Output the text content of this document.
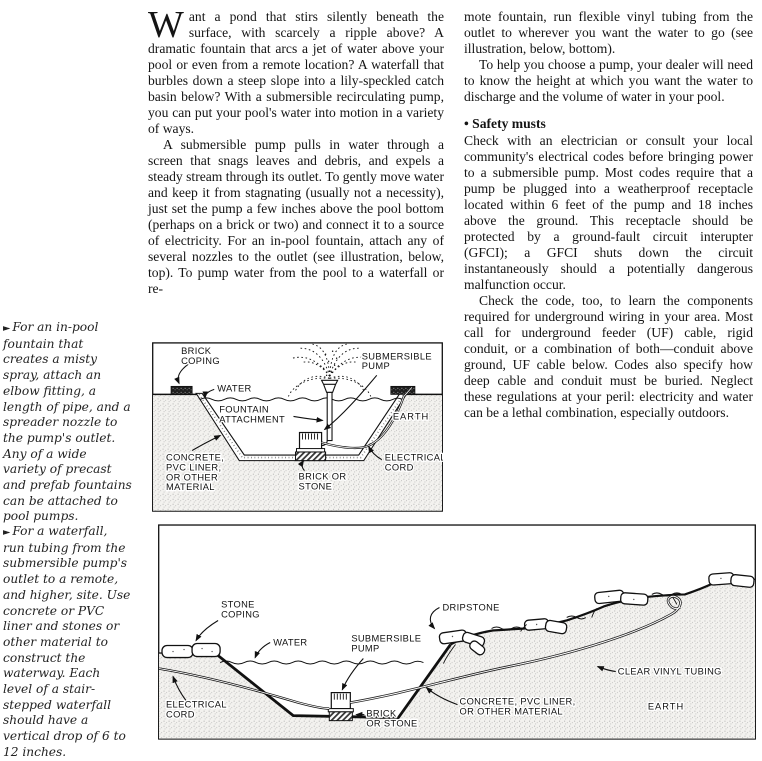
► For an in-pool fountain that creates a misty spray, attach an elbow fitting, a length of pipe, and a spreader nozzle to the pump's outlet. Any of a wide variety of precast and prefab fountains can be attached to pool pumps.
► For a waterfall, run tubing from the submersible pump's outlet to a remote, and higher, site. Use concrete or PVC liner and stones or other material to construct the waterway. Each level of a stair-stepped waterfall should have a vertical drop of 6 to 12 inches.

Want a pond that stirs silently beneath the surface, with scarcely a ripple above? A dramatic fountain that arcs a jet of water above your pool or even from a remote location? A waterfall that burbles down a steep slope into a lily-speckled catch basin below? With a submersible recirculating pump, you can put your pool's water into motion in a variety of ways.

A submersible pump pulls in water through a screen that snags leaves and debris, and expels a steady stream through its outlet. To gently move water and keep it from stagnating (usually not a necessity), just set the pump a few inches above the pool bottom (perhaps on a brick or two) and connect it to a source of electricity. For an in-pool fountain, attach any of several nozzles to the outlet (see illustration, below, top). To pump water from the pool to a waterfall or re-

mote fountain, run flexible vinyl tubing from the outlet to wherever you want the water to go (see illustration, below, bottom).

To help you choose a pump, your dealer will need to know the height at which you want the water to discharge and the volume of water in your pool.

• Safety musts

Check with an electrician or consult your local community's electrical codes before bringing power to a submersible pump. Most codes require that a pump be plugged into a weatherproof receptacle located within 6 feet of the pump and 18 inches above the ground. This receptacle should be protected by a ground-fault circuit interupter (GFCI); a GFCI shuts down the circuit instantaneously should a potentially dangerous malfunction occur.

Check the code, too, to learn the components required for underground wiring in your area. Most call for underground feeder (UF) cable, rigid conduit, or a combination of both—conduit above ground, UF cable below. Codes also specify how deep cable and conduit must be buried. Neglect these regulations at your peril: electricity and water can be a lethal combination, especially outdoors.

BRICK COPING
WATER
FOUNTAIN ATTACHMENT
SUBMERSIBLE PUMP
EARTH
ELECTRICAL CORD
CONCRETE, PVC LINER, OR OTHER MATERIAL
BRICK OR STONE
STONE COPING
WATER	SUBMERSIBLE PUMP
DRIPSTONE
ELECTRICAL CORD	BRICK OR STONE
CONCRETE, PVC LINER, OR OTHER MATERIAL
CLEAR VINYL TUBING
EARTH
